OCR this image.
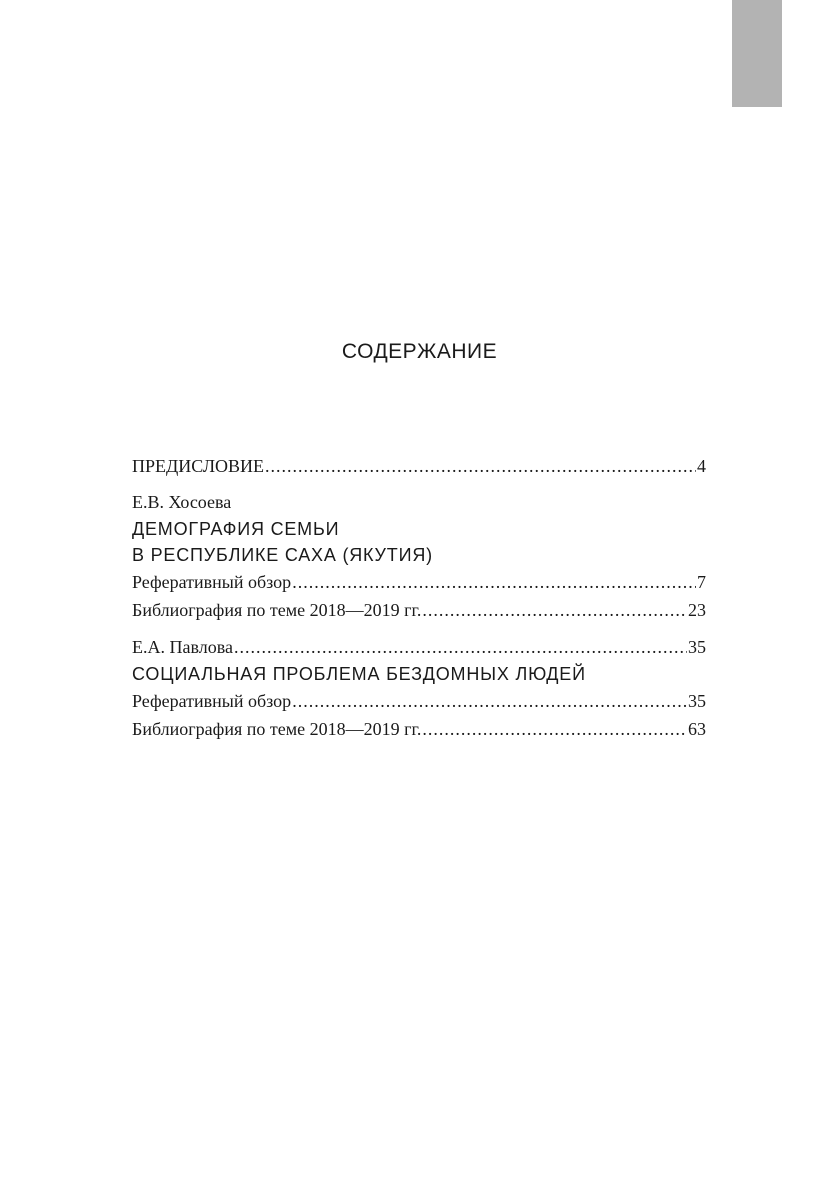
СОДЕРЖАНИЕ
ПРЕДИСЛОВИЕ .....	4
Е.В. Хосоева
ДЕМОГРАФИЯ СЕМЬИ
В РЕСПУБЛИКЕ САХА (ЯКУТИЯ)
Реферативный обзор .....	7
Библиография по теме 2018—2019 гг. .....	23
Е.А. Павлова .....	35
СОЦИАЛЬНАЯ ПРОБЛЕМА БЕЗДОМНЫХ ЛЮДЕЙ
Реферативный обзор .....	35
Библиография по теме 2018—2019 гг. .....	63
